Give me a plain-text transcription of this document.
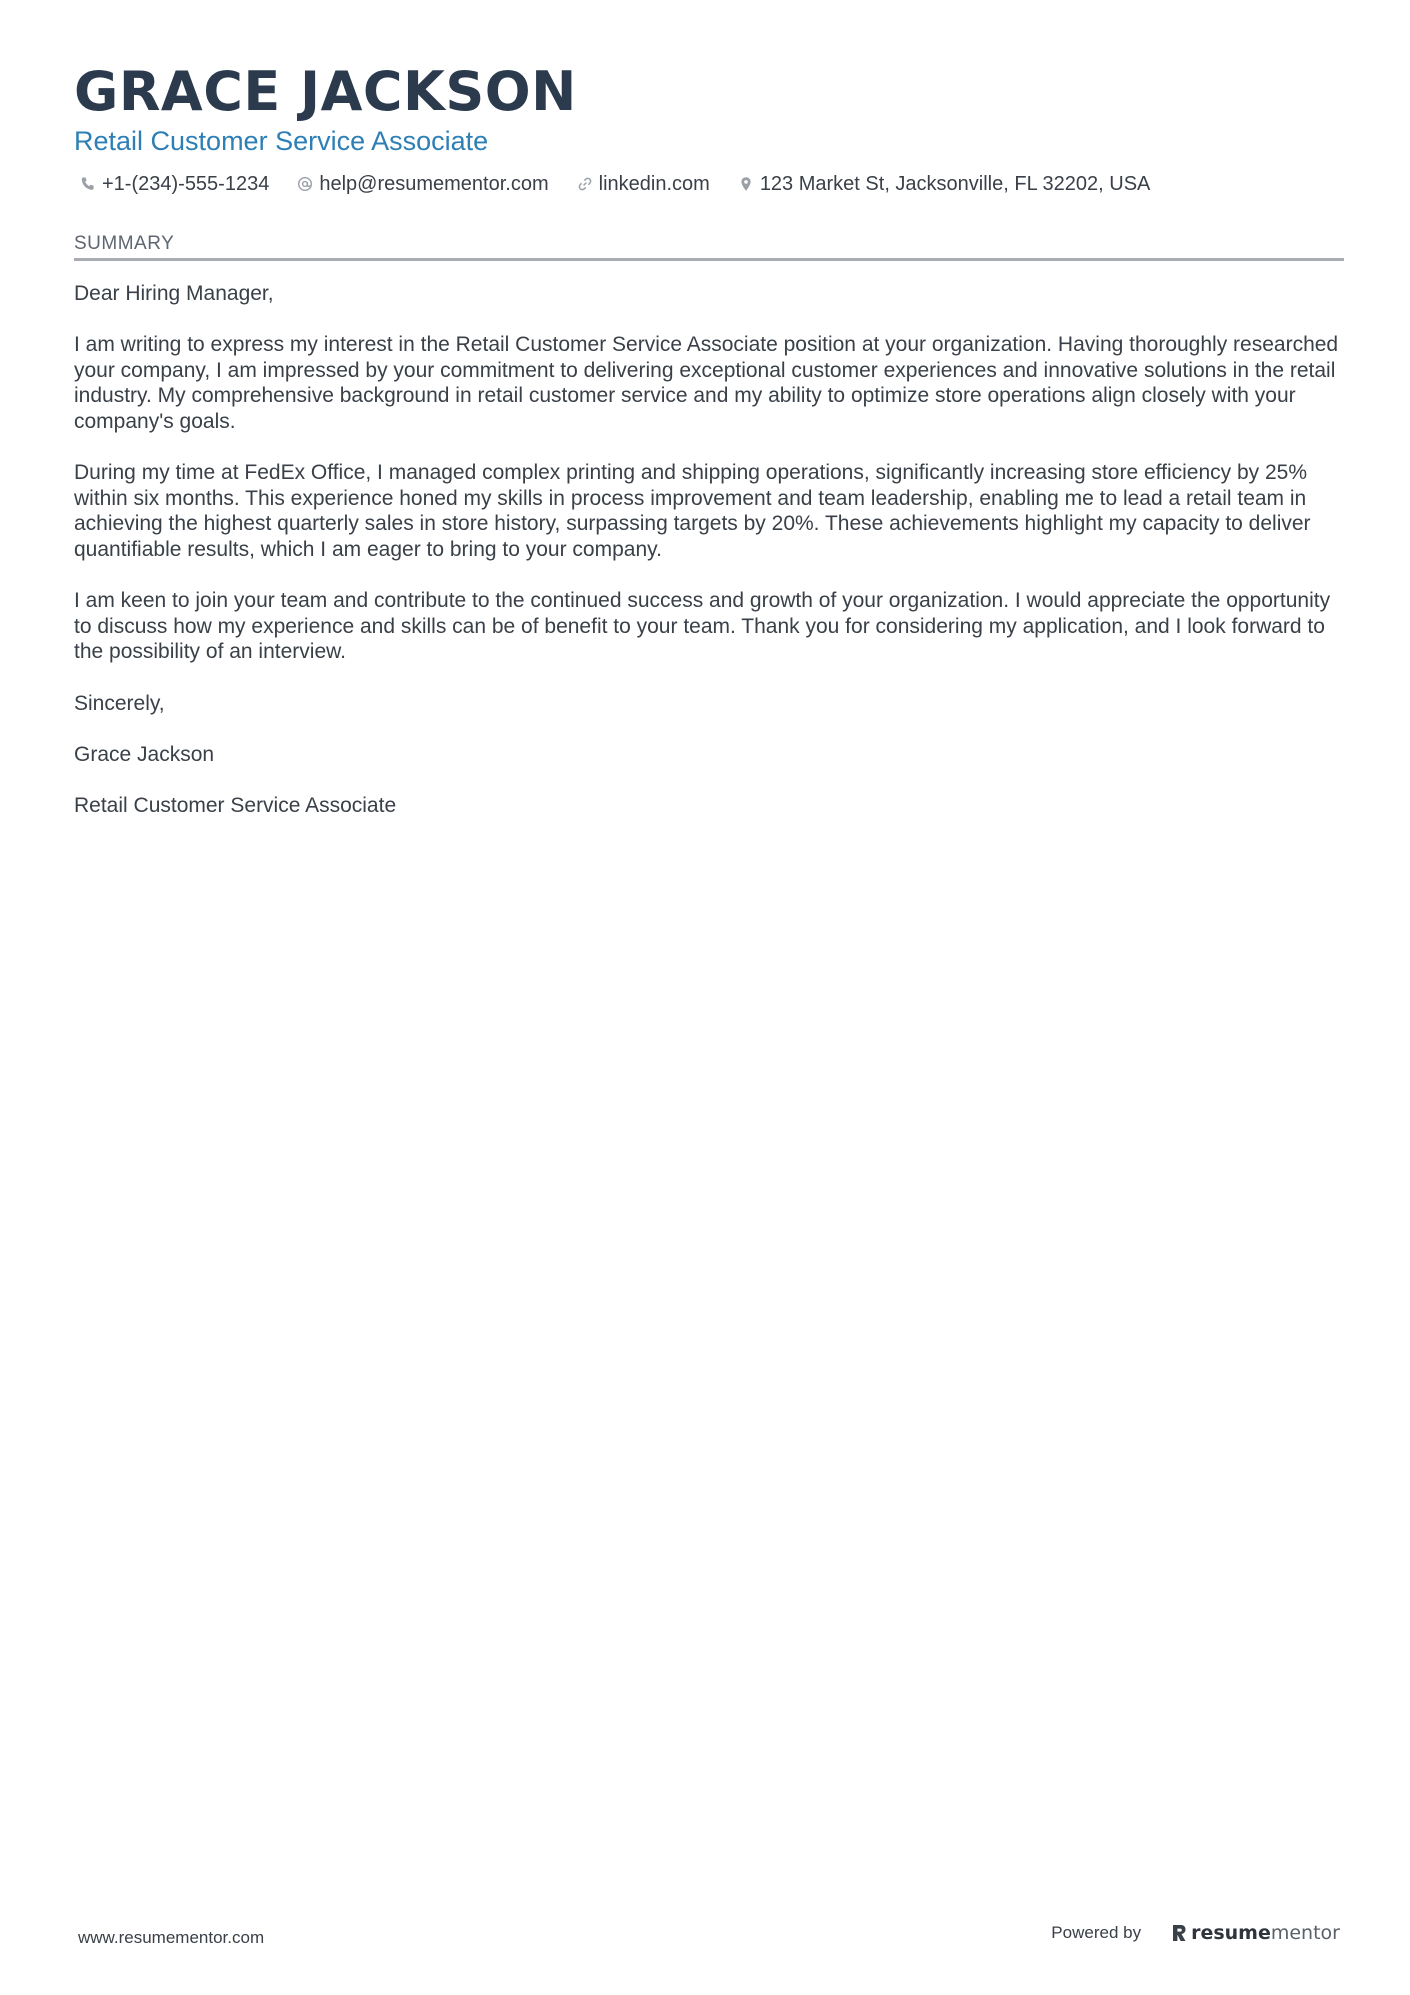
GRACE JACKSON
Retail Customer Service Associate
+1-(234)-555-1234	help@resumementor.com	linkedin.com	123 Market St, Jacksonville, FL 32202, USA
SUMMARY

Dear Hiring Manager,

I am writing to express my interest in the Retail Customer Service Associate position at your organization. Having thoroughly researched your company, I am impressed by your commitment to delivering exceptional customer experiences and innovative solutions in the retail industry. My comprehensive background in retail customer service and my ability to optimize store operations align closely with your company's goals.

During my time at FedEx Office, I managed complex printing and shipping operations, significantly increasing store efficiency by 25% within six months. This experience honed my skills in process improvement and team leadership, enabling me to lead a retail team in achieving the highest quarterly sales in store history, surpassing targets by 20%. These achievements highlight my capacity to deliver quantifiable results, which I am eager to bring to your company.

I am keen to join your team and contribute to the continued success and growth of your organization. I would appreciate the opportunity to discuss how my experience and skills can be of benefit to your team. Thank you for considering my application, and I look forward to the possibility of an interview.

Sincerely,

Grace Jackson

Retail Customer Service Associate

www.resumementor.com	Powered by	resume mentor
